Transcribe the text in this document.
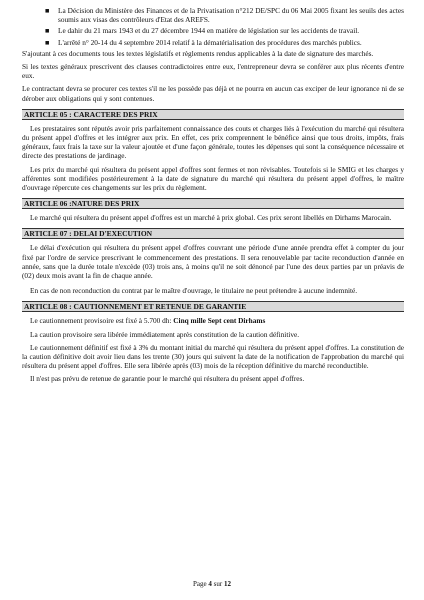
■ La Décision du Ministère des Finances et de la Privatisation n°212 DE/SPC du 06 Mai 2005 fixant les seuils des actes soumis aux visas des contrôleurs d'Etat des AREFS.
■ Le dahir du 21 mars 1943 et du 27 décembre 1944 en matière de législation sur les accidents de travail.
■ L'arrêté n° 20-14 du 4 septembre 2014 relatif à la dématérialisation des procédures des marchés publics.

S'ajoutant à ces documents tous les textes législatifs et règlements rendus applicables à la date de signature des marchés.

Si les textes généraux prescrivent des clauses contradictoires entre eux, l'entrepreneur devra se conférer aux plus récents d'entre eux.

Le contractant devra se procurer ces textes s'il ne les possède pas déjà et ne pourra en aucun cas exciper de leur ignorance ni de se dérober aux obligations qui y sont contenues.

ARTICLE 05 : CARACTERE DES PRIX

Les prestataires sont réputés avoir pris parfaitement connaissance des couts et charges liés à l'exécution du marché qui résultera du présent appel d'offres et les intégrer aux prix. En effet, ces prix comprennent le bénéfice ainsi que tous droits, impôts, frais généraux, faux frais la taxe sur la valeur ajoutée et d'une façon générale, toutes les dépenses qui sont la conséquence nécessaire et directe des prestations de jardinage.

Les prix du marché qui résultera du présent appel d'offres sont fermes et non révisables. Toutefois si le SMIG et les charges y afférentes sont modifiées postérieurement à la date de signature du marché qui résultera du présent appel d'offres, le maître d'ouvrage répercute ces changements sur les prix du règlement.

ARTICLE 06 :NATURE DES PRIX

Le marché qui résultera du présent appel d'offres est un marché à prix global. Ces prix seront libellés en Dirhams Marocain.

ARTICLE 07 : DELAI D'EXECUTION

Le délai d'exécution qui résultera du présent appel d'offres couvrant une période d'une année prendra effet à compter du jour fixé par l'ordre de service prescrivant le commencement des prestations. Il sera renouvelable par tacite reconduction d'année en année, sans que la durée totale n'excède (03) trois ans, à moins qu'il ne soit dénoncé par l'une des deux parties par un préavis de (02) deux mois avant la fin de chaque année.

En cas de non reconduction du contrat par le maître d'ouvrage, le titulaire ne peut prétendre à aucune indemnité.

ARTICLE 08 : CAUTIONNEMENT ET RETENUE DE GARANTIE

Le cautionnement provisoire est fixé à 5.700 dh: Cinq mille Sept cent Dirhams

La caution provisoire sera libérée immédiatement après constitution de la caution définitive.

Le cautionnement définitif est fixé à 3% du montant initial du marché qui résultera du présent appel d'offres. La constitution de la caution définitive doit avoir lieu dans les trente (30) jours qui suivent la date de la notification de l'approbation du marché qui résultera du présent appel d'offres. Elle sera libérée après (03) mois de la réception définitive du marché reconductible.

Il n'est pas prévu de retenue de garantie pour le marché qui résultera du présent appel d'offres.

Page 4 sur 12
